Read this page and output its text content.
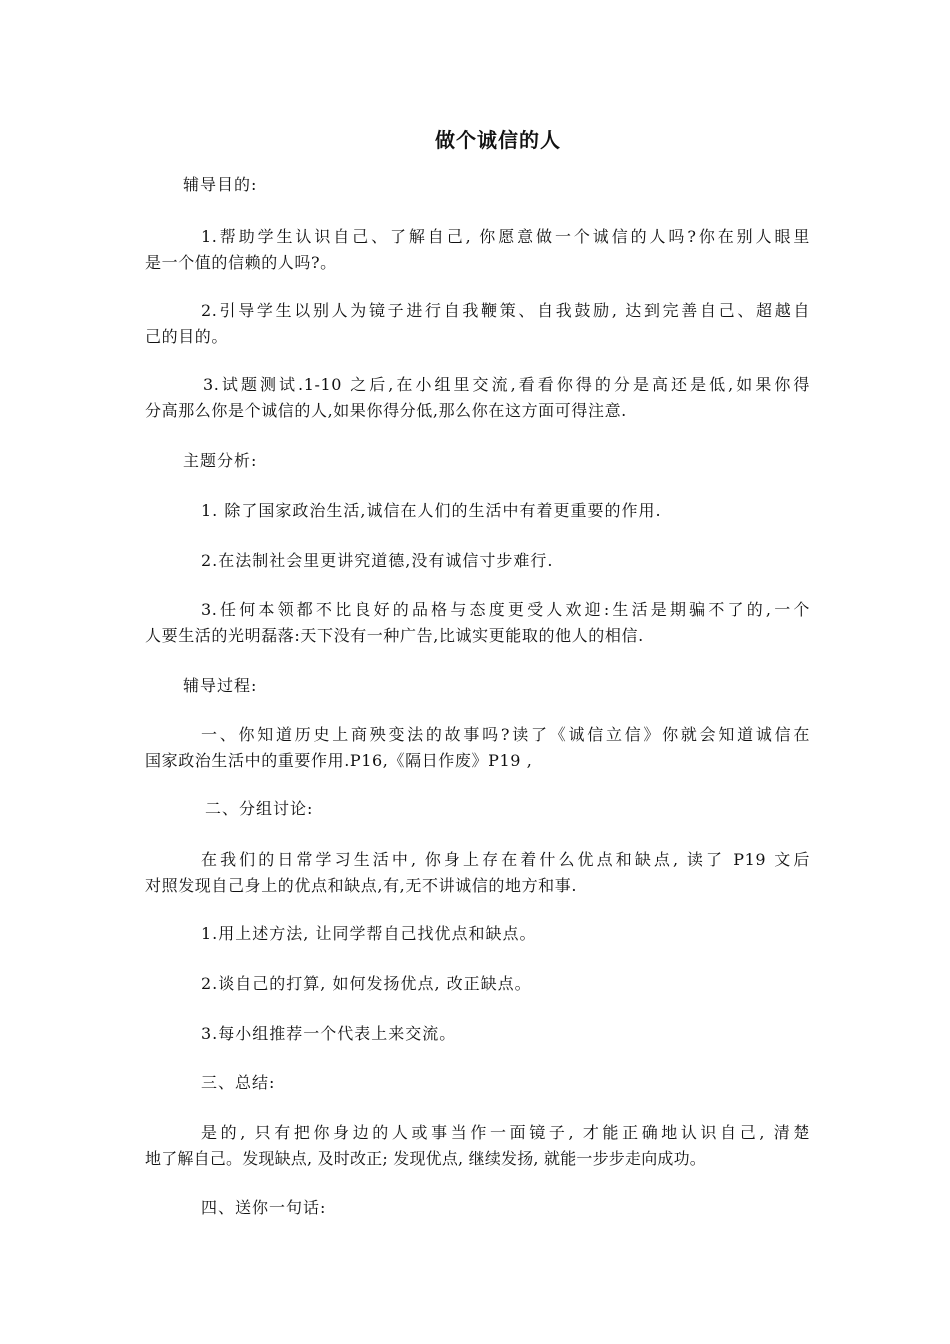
做个诚信的人
辅导目的:
1.帮助学生认识自己、了解自己, 你愿意做一个诚信的人吗?你在别人眼里
是一个值的信赖的人吗?。
2.引导学生以别人为镜子进行自我鞭策、自我鼓励, 达到完善自己、超越自
己的目的。
3.试题测试.1-10 之后,在小组里交流,看看你得的分是高还是低,如果你得
分高那么你是个诚信的人,如果你得分低,那么你在这方面可得注意.
主题分析:
1. 除了国家政治生活,诚信在人们的生活中有着更重要的作用.
2.在法制社会里更讲究道德,没有诚信寸步难行.
3.任何本领都不比良好的品格与态度更受人欢迎:生活是期骗不了的,一个
人要生活的光明磊落:天下没有一种广告,比诚实更能取的他人的相信.
辅导过程:
一、你知道历史上商殃变法的故事吗?读了《诚信立信》你就会知道诚信在
国家政治生活中的重要作用.P16,《隔日作废》P19 ,
二、分组讨论:
在我们的日常学习生活中, 你身上存在着什么优点和缺点, 读了 P19 文后
对照发现自己身上的优点和缺点,有,无不讲诚信的地方和事.
1.用上述方法, 让同学帮自己找优点和缺点。
2.谈自己的打算, 如何发扬优点, 改正缺点。
3.每小组推荐一个代表上来交流。
三、总结:
是的, 只有把你身边的人或事当作一面镜子, 才能正确地认识自己, 清楚
地了解自己。发现缺点, 及时改正; 发现优点, 继续发扬, 就能一步步走向成功。
四、送你一句话:
